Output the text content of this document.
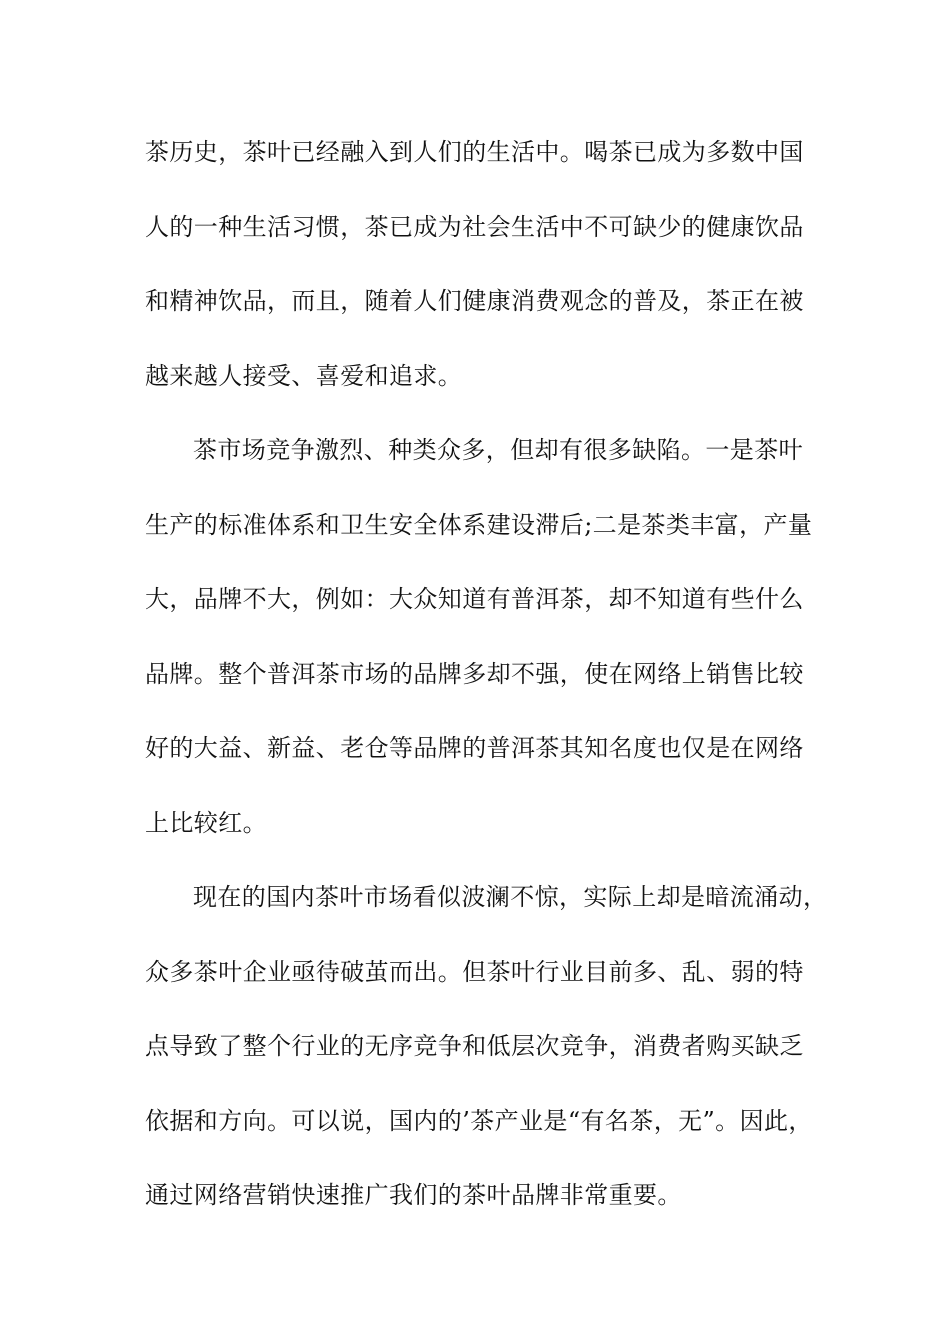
茶历史，茶叶已经融入到人们的生活中。喝茶已成为多数中国
人的一种生活习惯，茶已成为社会生活中不可缺少的健康饮品
和精神饮品，而且，随着人们健康消费观念的普及，茶正在被
越来越人接受、喜爱和追求。
茶市场竞争激烈、种类众多，但却有很多缺陷。一是茶叶
生产的标准体系和卫生安全体系建设滞后;二是茶类丰富，产量
大，品牌不大，例如：大众知道有普洱茶，却不知道有些什么
品牌。整个普洱茶市场的品牌多却不强，使在网络上销售比较
好的大益、新益、老仓等品牌的普洱茶其知名度也仅是在网络
上比较红。
现在的国内茶叶市场看似波澜不惊，实际上却是暗流涌动，
众多茶叶企业亟待破茧而出。但茶叶行业目前多、乱、弱的特
点导致了整个行业的无序竞争和低层次竞争，消费者购买缺乏
依据和方向。可以说，国内的’茶产业是“有名茶，无”。因此，
通过网络营销快速推广我们的茶叶品牌非常重要。
